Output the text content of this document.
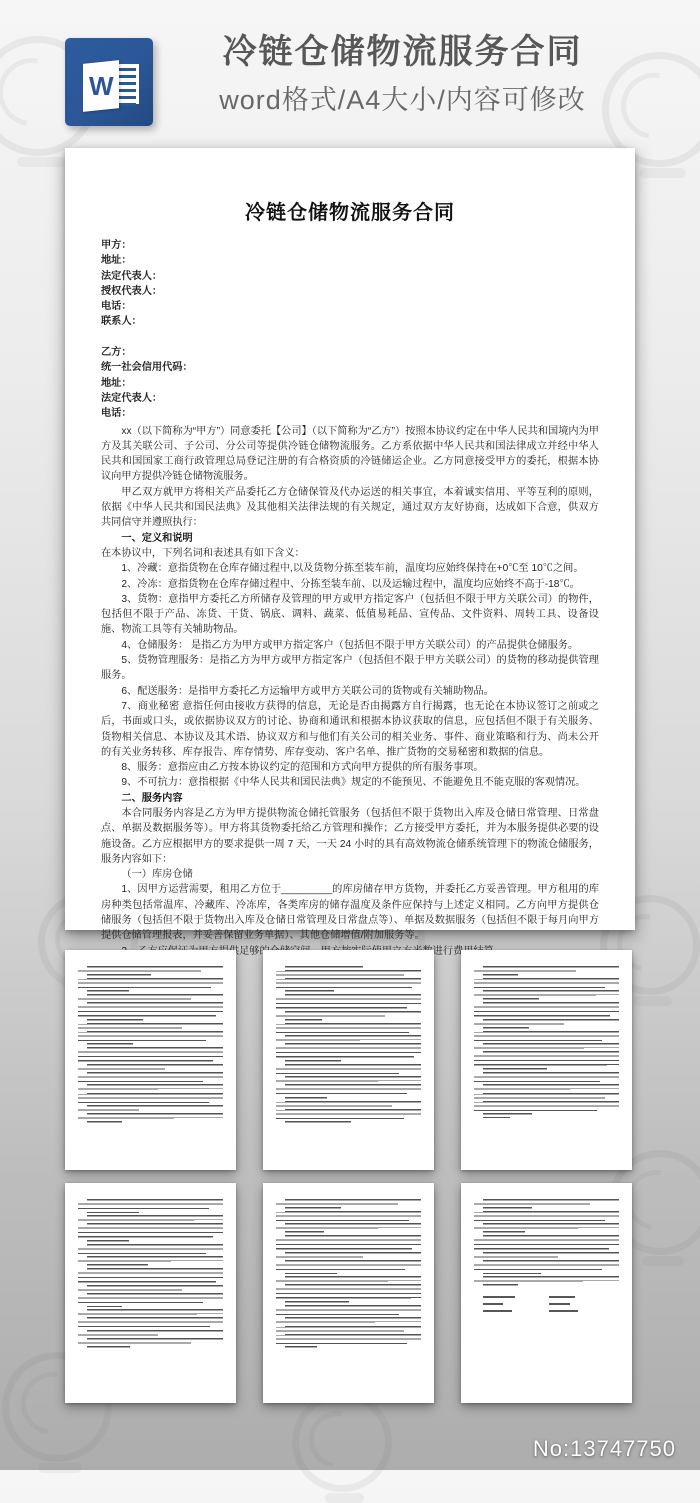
W
冷链仓储物流服务合同
word格式/A4大小/内容可修改
冷链仓储物流服务合同
甲方：
地址：
法定代表人：
授权代表人：
电话：
联系人：
乙方：
统一社会信用代码：
地址：
法定代表人：
电话：

xx（以下简称为“甲方”）同意委托【公司】（以下简称为“乙方”）按照本协议约定在中华人民共和国境内为甲方及其关联公司、子公司、分公司等提供冷链仓储物流服务。乙方系依据中华人民共和国法律成立并经中华人民共和国国家工商行政管理总局登记注册的有合格资质的冷链储运企业。乙方同意接受甲方的委托，根据本协议向甲方提供冷链仓储物流服务。

甲乙双方就甲方将相关产品委托乙方仓储保管及代办运送的相关事宜，本着诚实信用、平等互利的原则，依据《中华人民共和国民法典》及其他相关法律法规的有关规定，通过双方友好协商，达成如下合意，供双方共同信守并遵照执行：

一、定义和说明

在本协议中，下列名词和表述具有如下含义：

1、冷藏：意指货物在仓库存储过程中,以及货物分拣至装车前，温度均应始终保持在+0℃至 10℃之间。

2、冷冻：意指货物在仓库存储过程中、分拣至装车前、以及运输过程中，温度均应始终不高于-18℃。

3、货物：意指甲方委托乙方所储存及管理的甲方或甲方指定客户（包括但不限于甲方关联公司）的物件，包括但不限于产品、冻货、干货、锅底、调料、蔬菜、低值易耗品、宣传品、文件资料、周转工具、设备设施、物流工具等有关辅助物品。

4、仓储服务： 是指乙方为甲方或甲方指定客户（包括但不限于甲方关联公司）的产品提供仓储服务。

5、货物管理服务：是指乙方为甲方或甲方指定客户（包括但不限于甲方关联公司）的货物的移动提供管理服务。

6、配送服务：是指甲方委托乙方运输甲方或甲方关联公司的货物或有关辅助物品。

7、商业秘密 意指任何由接收方获得的信息，无论是否由揭露方自行揭露，也无论在本协议签订之前或之后，书面或口头，或依据协议双方的讨论、协商和通讯和根据本协议获取的信息，应包括但不限于有关服务、货物相关信息、本协议及其术语、协议双方和与他们有关公司的相关业务、事件、商业策略和行为、尚未公开的有关业务转移、库存报告、库存情势、库存变动、客户名单、推广货物的交易秘密和数据的信息。

8、服务：意指应由乙方按本协议约定的范围和方式向甲方提供的所有服务事项。

9、不可抗力：意指根据《中华人民共和国民法典》规定的不能预见、不能避免且不能克服的客观情况。

二、服务内容

本合同服务内容是乙方为甲方提供物流仓储托管服务（包括但不限于货物出入库及仓储日常管理、日常盘点、单据及数据服务等）。甲方将其货物委托给乙方管理和操作；乙方接受甲方委托，并为本服务提供必要的设施设备。乙方应根据甲方的要求提供一周 7 天，一天 24 小时的具有高效物流仓储系统管理下的物流仓储服务，服务内容如下：

（一）库房仓储

1、因甲方运营需要，租用乙方位于_________的库房储存甲方货物，并委托乙方妥善管理。甲方租用的库房种类包括常温库、冷藏库、冷冻库，各类库房的储存温度及条件应保持与上述定义相同。乙方向甲方提供仓储服务（包括但不限于货物出入库及仓储日常管理及日常盘点等）、单据及数据服务（包括但不限于每月向甲方提供仓储管理报表，并妥善保留业务单据）、其他仓储增值/附加服务等。

No:13747750
